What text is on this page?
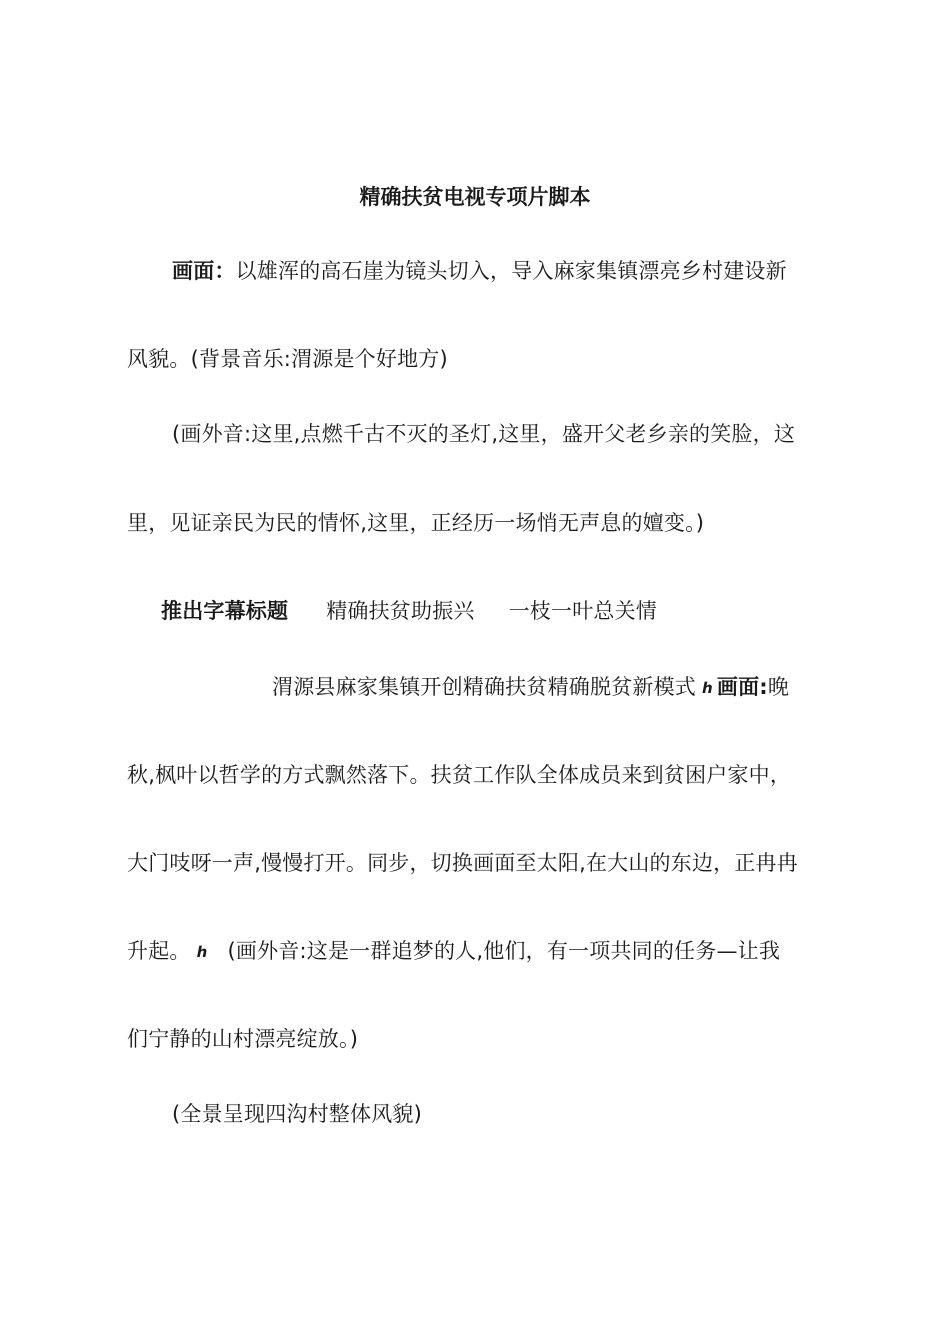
精确扶贫电视专项片脚本
画面：以雄浑的高石崖为镜头切入，导入麻家集镇漂亮乡村建设新
风貌。(背景音乐:渭源是个好地方)
(画外音:这里,点燃千古不灭的圣灯,这里，盛开父老乡亲的笑脸，这
里，见证亲民为民的情怀,这里，正经历一场悄无声息的嬗变。)
推出字幕标题 精确扶贫助振兴 一枝一叶总关情
渭源县麻家集镇开创精确扶贫精确脱贫新模式 ℎ 画面:晚
秋,枫叶以哲学的方式飘然落下。扶贫工作队全体成员来到贫困户家中，
大门吱呀一声,慢慢打开。同步，切换画面至太阳,在大山的东边，正冉冉
升起。 ℎ (画外音:这是一群追梦的人,他们，有一项共同的任务—让我
们宁静的山村漂亮绽放。)
(全景呈现四沟村整体风貌)
